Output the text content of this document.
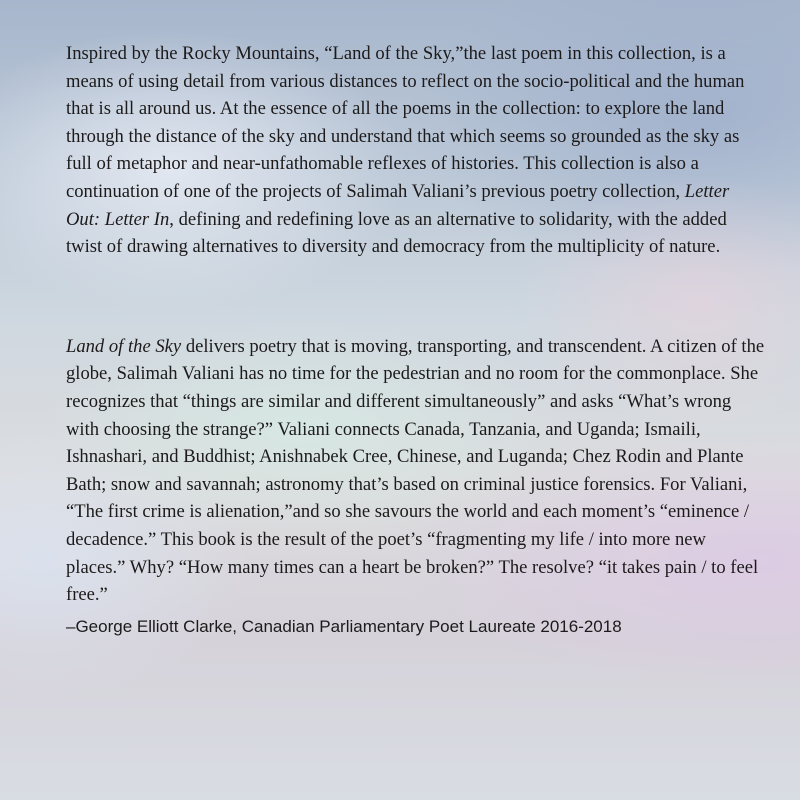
Inspired by the Rocky Mountains, “Land of the Sky,”the last poem in this collection, is a means of using detail from various distances to reflect on the socio-political and the human that is all around us. At the essence of all the poems in the collection: to explore the land through the distance of the sky and understand that which seems so grounded as the sky as full of metaphor and near-unfathomable reflexes of histories. This collection is also a continuation of one of the projects of Salimah Valiani’s previous poetry collection, Letter Out: Letter In, defining and redefining love as an alternative to solidarity, with the added twist of drawing alternatives to diversity and democracy from the multiplicity of nature.

Land of the Sky delivers poetry that is moving, transporting, and transcendent. A citizen of the globe, Salimah Valiani has no time for the pedestrian and no room for the commonplace. She recognizes that “things are similar and different simultaneously” and asks “What’s wrong with choosing the strange?” Valiani connects Canada, Tanzania, and Uganda; Ismaili, Ishnashari, and Buddhist; Anishnabek Cree, Chinese, and Luganda; Chez Rodin and Plante Bath; snow and savannah; astronomy that’s based on criminal justice forensics. For Valiani, “The first crime is alienation,”and so she savours the world and each moment’s “eminence / decadence.” This book is the result of the poet’s “fragmenting my life / into more new places.” Why? “How many times can a heart be broken?” The resolve? “it takes pain / to feel free.”

–George Elliott Clarke, Canadian Parliamentary Poet Laureate 2016-2018
